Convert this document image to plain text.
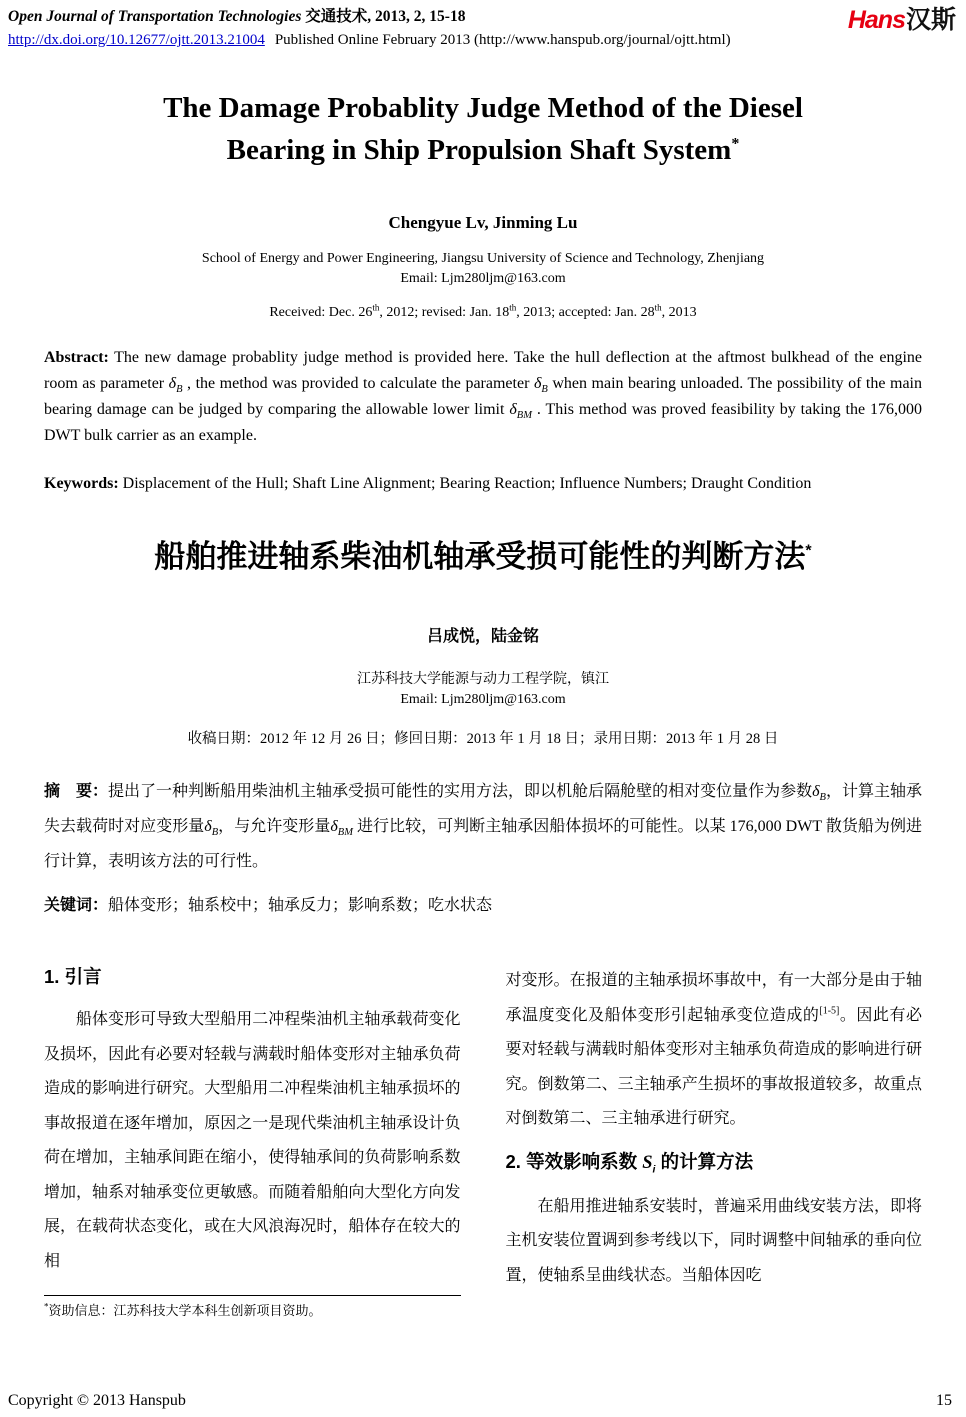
Open Journal of Transportation Technologies 交通技术, 2013, 2, 15-18
http://dx.doi.org/10.12677/ojtt.2013.21004 Published Online February 2013 (http://www.hanspub.org/journal/ojtt.html)
Hans汉斯
The Damage Probablity Judge Method of the Diesel
Bearing in Ship Propulsion Shaft System*

Chengyue Lv, Jinming Lu

School of Energy and Power Engineering, Jiangsu University of Science and Technology, Zhenjiang
Email: Ljm280ljm@163.com

Received: Dec. 26th, 2012; revised: Jan. 18th, 2013; accepted: Jan. 28th, 2013

Abstract: The new damage probablity judge method is provided here. Take the hull deflection at the aftmost bulkhead of the engine room as parameter $\delta_B$ , the method was provided to calculate the parameter $\delta_B$ when main bearing unloaded. The possibility of the main bearing damage can be judged by comparing the allowable lower limit $\delta_{BM}$ . This method was proved feasibility by taking the 176,000 DWT bulk carrier as an example.

Keywords: Displacement of the Hull; Shaft Line Alignment; Bearing Reaction; Influence Numbers; Draught Condition

船舶推进轴系柴油机轴承受损可能性的判断方法*

吕成悦，陆金铭

江苏科技大学能源与动力工程学院，镇江
Email: Ljm280ljm@163.com

收稿日期：2012 年 12 月 26 日；修回日期：2013 年 1 月 18 日；录用日期：2013 年 1 月 28 日

摘　要：提出了一种判断船用柴油机主轴承受损可能性的实用方法，即以机舱后隔舱壁的相对变位量作为参数$\delta_B$，计算主轴承失去载荷时对应变形量$\delta_B$，与允许变形量$\delta_{BM}$ 进行比较，可判断主轴承因船体损坏的可能性。以某 176,000 DWT 散货船为例进行计算，表明该方法的可行性。

关键词：船体变形；轴系校中；轴承反力；影响系数；吃水状态

1. 引言

船体变形可导致大型船用二冲程柴油机主轴承载荷变化及损坏，因此有必要对轻载与满载时船体变形对主轴承负荷造成的影响进行研究。大型船用二冲程柴油机主轴承损坏的事故报道在逐年增加，原因之一是现代柴油机主轴承设计负荷在增加，主轴承间距在缩小，使得轴承间的负荷影响系数增加，轴系对轴承变位更敏感。而随着船舶向大型化方向发展，在载荷状态变化，或在大风浪海况时，船体存在较大的相

*资助信息：江苏科技大学本科生创新项目资助。

对变形。在报道的主轴承损坏事故中，有一大部分是由于轴承温度变化及船体变形引起轴承变位造成的[1-5]。因此有必要对轻载与满载时船体变形对主轴承负荷造成的影响进行研究。倒数第二、三主轴承产生损坏的事故报道较多，故重点对倒数第二、三主轴承进行研究。

2. 等效影响系数 $S_i$ 的计算方法

在船用推进轴系安装时，普遍采用曲线安装方法，即将主机安装位置调到参考线以下，同时调整中间轴承的垂向位置，使轴系呈曲线状态。当船体因吃

Copyright © 2013 Hanspub	15
